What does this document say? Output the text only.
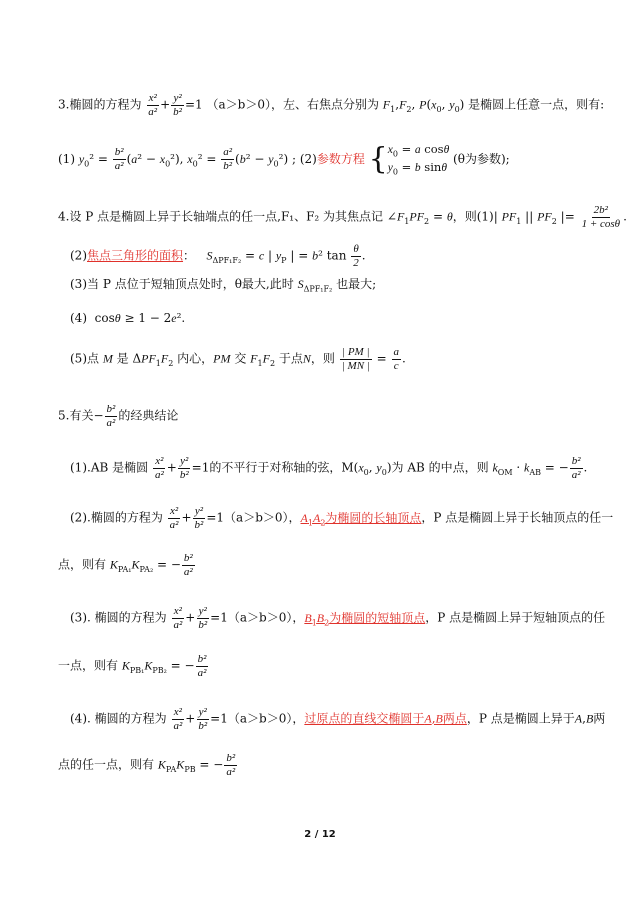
3.椭圆的方程为 $\frac{\text{x²}}{\text{a²}} + \frac{\text{y²}}{\text{b²}} =1$ （a＞b＞0），左、右焦点分别为 $F_1,F_2$, $P(x_0$, $y_0$) 是椭圆上任意一点，则有:
(1) $y_0^2 = \frac{\text{b²}}{\text{a²}} (a^2 - x_0^2)$, $x_0^2 = \frac{\text{a²}}{\text{b²}} (b^2 - y_0^2)$ ; (2)参数方程 { $x_0 = a$ cosθ
$y_0 = b$ sinθ
(θ为参数);
4.设 P 点是椭圆上异于长轴端点的任一点,F₁、F₂ 为其焦点记 $\angle F_1PF_2 = \theta$，则(1)| $PF_1$ || $PF_2$ |= $\frac{\text{2b²}}{1 + \cos\theta}$ .
(2)焦点三角形的面积：   $S_{\Delta PF_1F_2} = c$ | $y_P$ | = b² $\tan \frac{\theta}{2}$ .
(3)当 P 点位于短轴顶点处时，θ最大,此时 $S_{\Delta PF_1F_2}$ 也最大;
(4)  cosθ ≥ 1 − 2e².
(5)点 M 是 $\Delta PF_1F_2$ 内心，PM 交 $F_1F_2$ 于点N，则 $\frac{| PM |}{| MN |} = \frac{a}{c}$ .
5.有关− $\frac{\text{b²}}{\text{a²}}$ 的经典结论
(1).AB 是椭圆 $\frac{\text{x²}}{\text{a²}} + \frac{\text{y²}}{\text{b²}} =1$的不平行于对称轴的弦，$M(x_0$, $y_0$)为 AB 的中点，则 $k_{OM} \cdot k_{AB}$ = − $\frac{\text{b²}}{\text{a²}}$ .
(2).椭圆的方程为 $\frac{\text{x²}}{\text{a²}} + \frac{\text{y²}}{\text{b²}} =1(a>b>0)$，$A_1A_2$为椭圆的长轴顶点，P 点是椭圆上异于长轴顶点的任一
点，则有 $K_{PA_1}K_{PA_2}$ = − $\frac{\text{b²}}{\text{a²}}$
(3). 椭圆的方程为 $\frac{\text{x²}}{\text{a²}} + \frac{\text{y²}}{\text{b²}} =1(a>b>0)$，$B_1B_2$为椭圆的短轴顶点，P 点是椭圆上异于短轴顶点的任
一点，则有 $K_{PB_1}K_{PB_2}$ = − $\frac{\text{b²}}{\text{a²}}$
(4). 椭圆的方程为 $\frac{\text{x²}}{\text{a²}} + \frac{\text{y²}}{\text{b²}} =1(a>b>0)$，过原点的直线交椭圆于A,B两点，P 点是椭圆上异于A,B两
点的任一点，则有 $K_{PA}K_{PB}$ = − $\frac{\text{b²}}{\text{a²}}$
2 / 12
